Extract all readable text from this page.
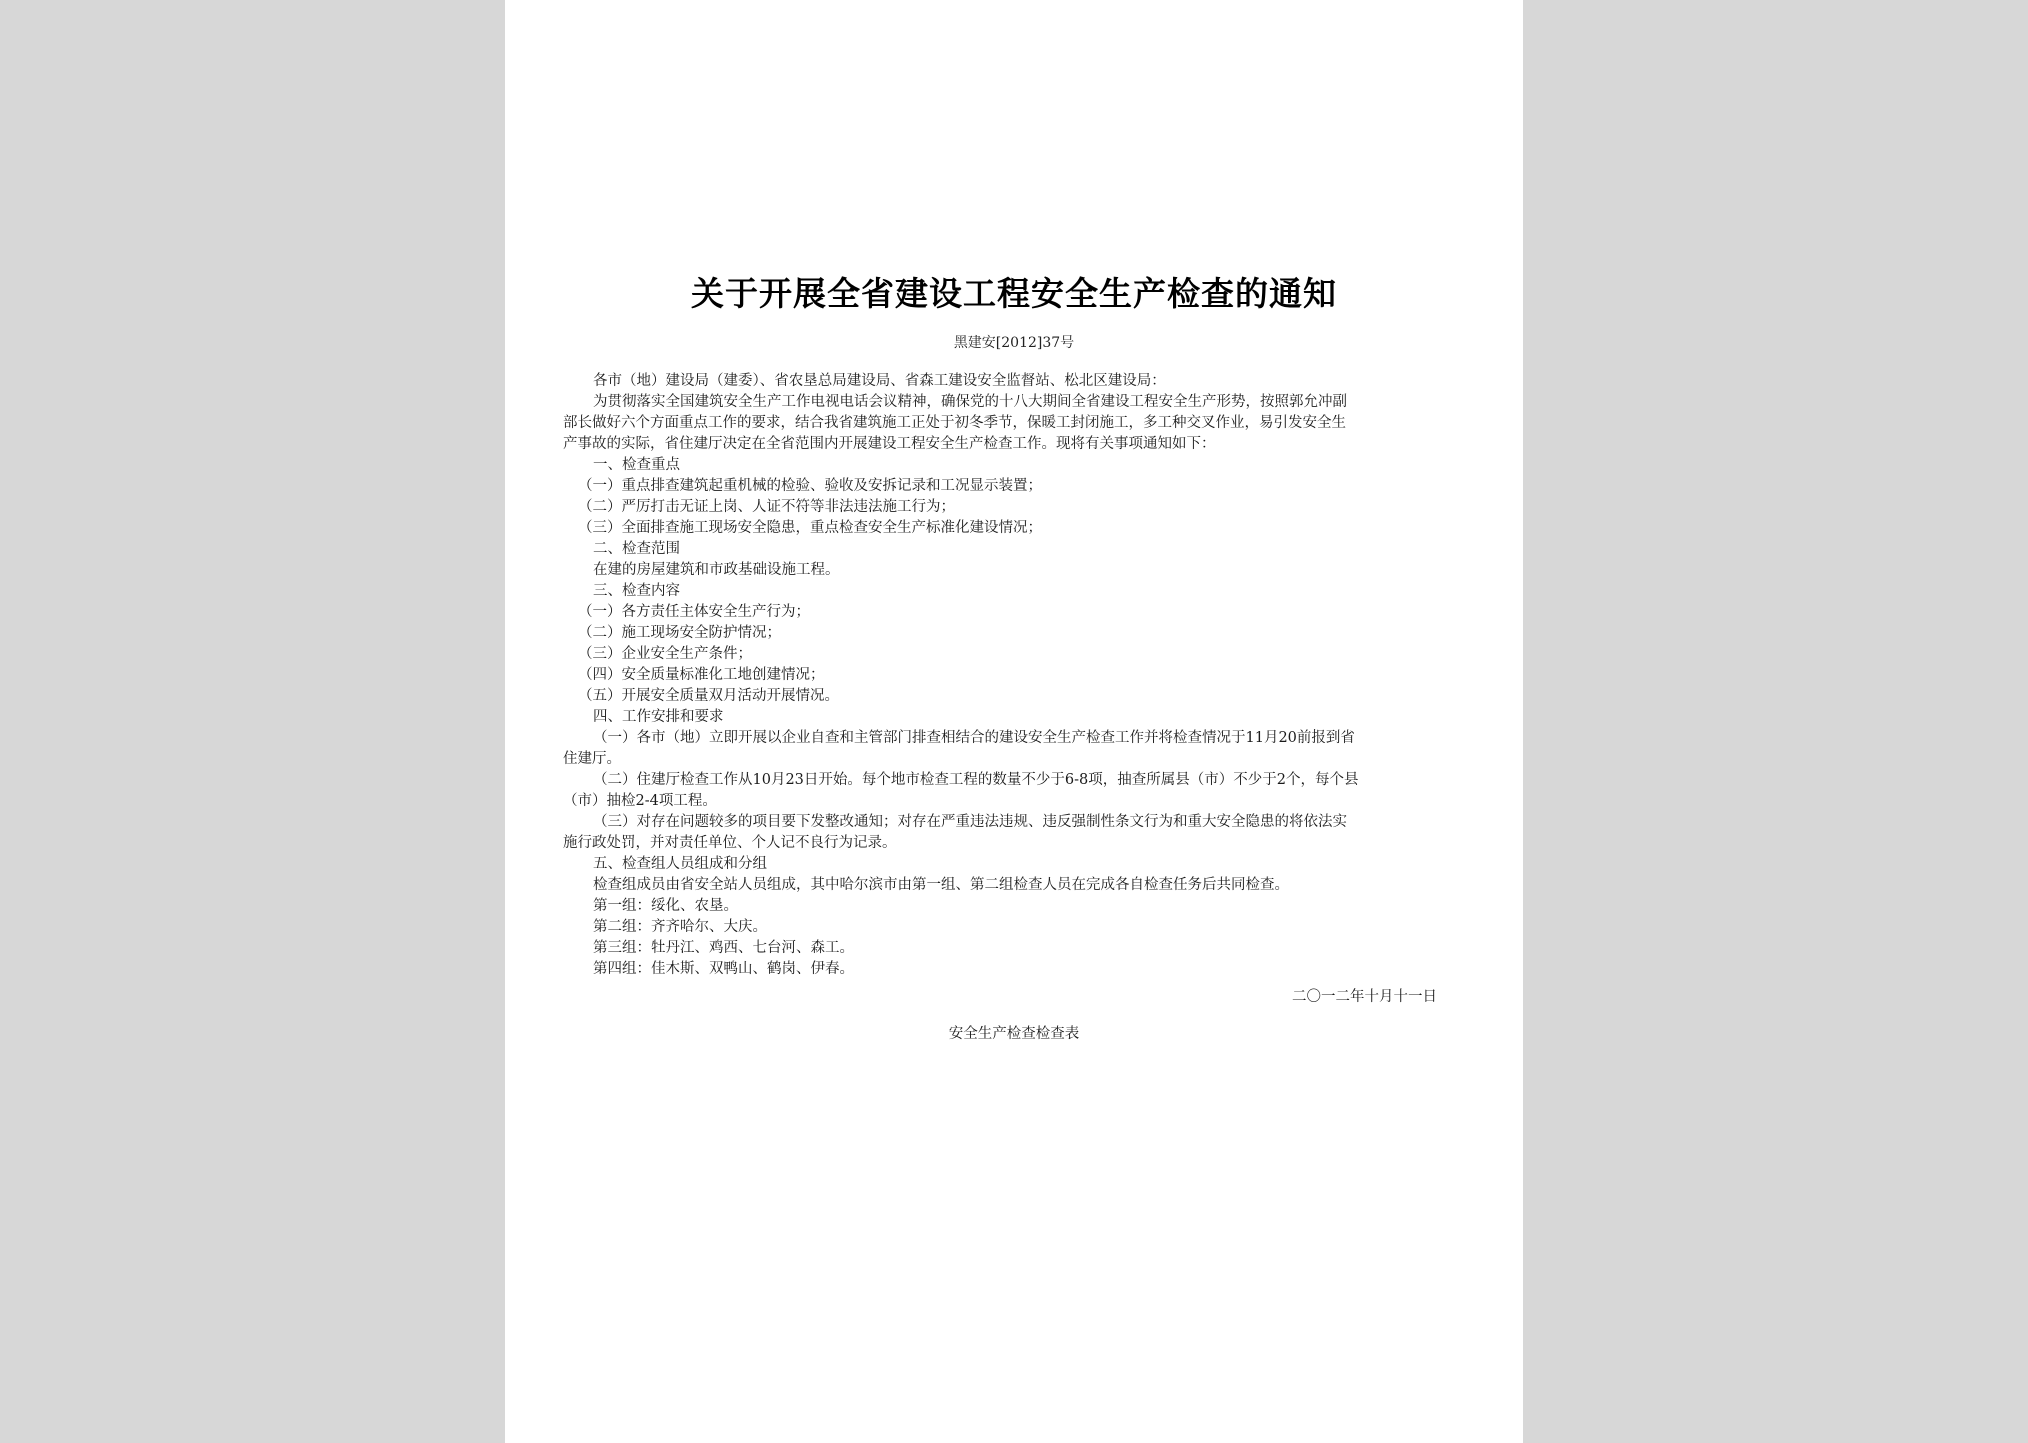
关于开展全省建设工程安全生产检查的通知
黑建安[2012]37号
各市（地）建设局（建委）、省农垦总局建设局、省森工建设安全监督站、松北区建设局：
为贯彻落实全国建筑安全生产工作电视电话会议精神，确保党的十八大期间全省建设工程安全生产形势，按照郭允冲副
部长做好六个方面重点工作的要求，结合我省建筑施工正处于初冬季节，保暖工封闭施工，多工种交叉作业，易引发安全生
产事故的实际，省住建厅决定在全省范围内开展建设工程安全生产检查工作。现将有关事项通知如下：
一、检查重点
（一）重点排查建筑起重机械的检验、验收及安拆记录和工况显示装置；
（二）严厉打击无证上岗、人证不符等非法违法施工行为；
（三）全面排查施工现场安全隐患，重点检查安全生产标准化建设情况；
二、检查范围
在建的房屋建筑和市政基础设施工程。
三、检查内容
（一）各方责任主体安全生产行为；
（二）施工现场安全防护情况；
（三）企业安全生产条件；
（四）安全质量标准化工地创建情况；
（五）开展安全质量双月活动开展情况。
四、工作安排和要求
（一）各市（地）立即开展以企业自查和主管部门排查相结合的建设安全生产检查工作并将检查情况于11月20前报到省
住建厅。
（二）住建厅检查工作从10月23日开始。每个地市检查工程的数量不少于6-8项，抽查所属县（市）不少于2个，每个县
（市）抽检2-4项工程。
（三）对存在问题较多的项目要下发整改通知；对存在严重违法违规、违反强制性条文行为和重大安全隐患的将依法实
施行政处罚，并对责任单位、个人记不良行为记录。
五、检查组人员组成和分组
检查组成员由省安全站人员组成，其中哈尔滨市由第一组、第二组检查人员在完成各自检查任务后共同检查。
第一组：绥化、农垦。
第二组：齐齐哈尔、大庆。
第三组：牡丹江、鸡西、七台河、森工。
第四组：佳木斯、双鸭山、鹤岗、伊春。
二〇一二年十月十一日
安全生产检查检查表
